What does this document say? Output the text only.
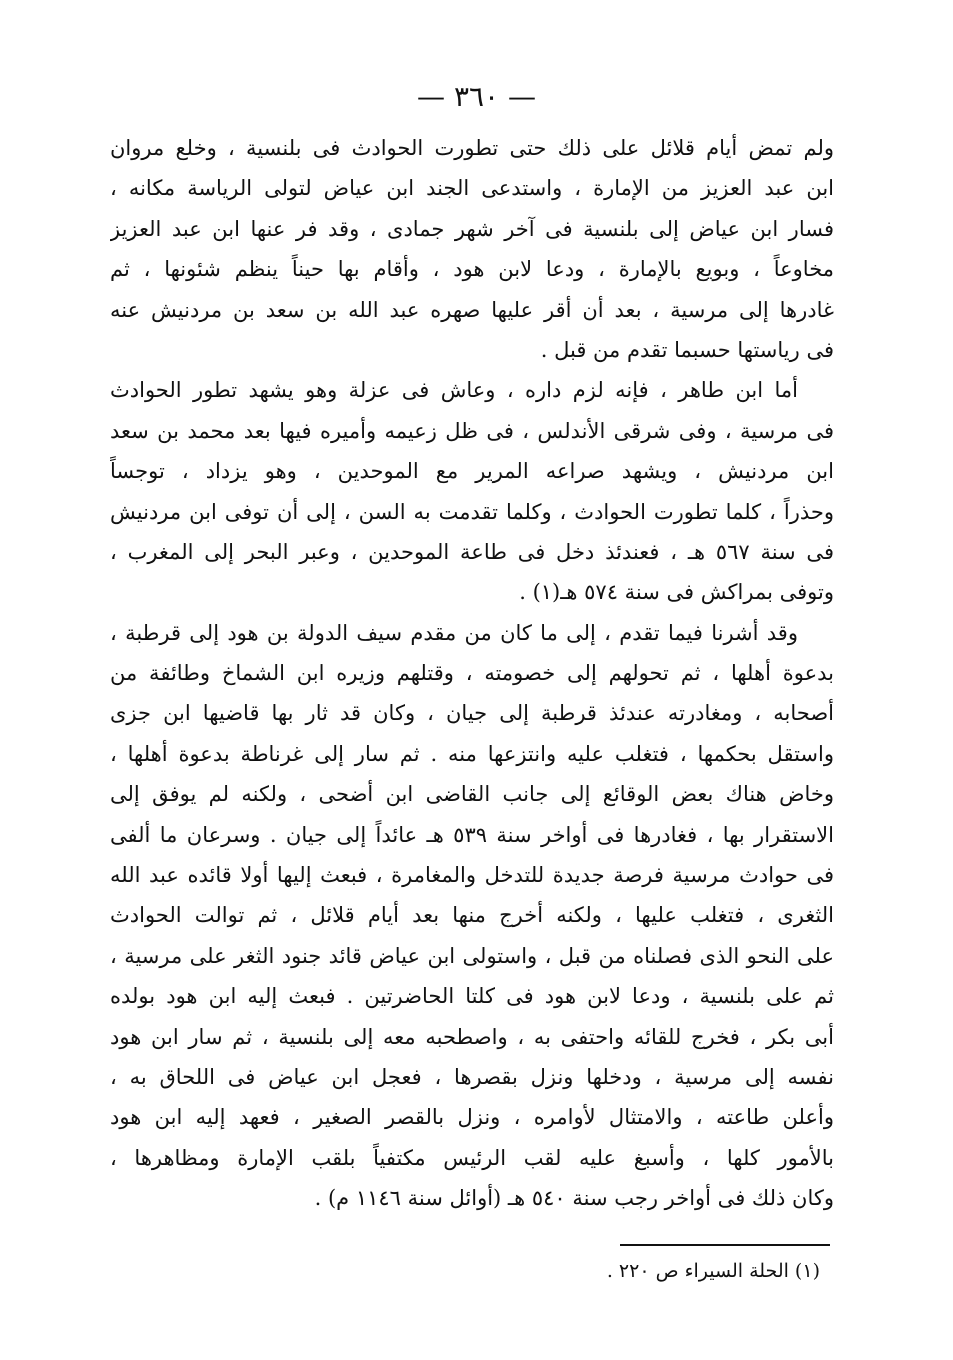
— ٣٦٠ —
ولم تمض أيام قلائل على ذلك حتى تطورت الحوادث فى بلنسية ، وخلع مروان
ابن عبد العزيز من الإمارة ، واستدعى الجند ابن عياض لتولى الرياسة مكانه ،
فسار ابن عياض إلى بلنسية فى آخر شهر جمادى ، وقد فر عنها ابن عبد العزيز
مخاوعاً ، وبويع بالإمارة ، ودعا لابن هود ، وأقام بها حيناً ينظم شئونها ، ثم
غادرها إلى مرسية ، بعد أن أقر عليها صهره عبد الله بن سعد بن مردنيش عنه
فى رياستها حسبما تقدم من قبل .
أما ابن طاهر ، فإنه لزم داره ، وعاش فى عزلة وهو يشهد تطور الحوادث
فى مرسية ، وفى شرقى الأندلس ، فى ظل زعيمه وأميره فيها بعد محمد بن سعد
ابن مردنيش ، ويشهد صراعه المرير مع الموحدين ، وهو يزداد ، توجساً
وحذراً ، كلما تطورت الحوادث ، وكلما تقدمت به السن ، إلى أن توفى ابن مردنيش
فى سنة ٥٦٧ هـ ، فعندئذ دخل فى طاعة الموحدين ، وعبر البحر إلى المغرب ،
وتوفى بمراكش فى سنة ٥٧٤ هـ(١) .
وقد أشرنا فيما تقدم ، إلى ما كان من مقدم سيف الدولة بن هود إلى قرطبة ،
بدعوة أهلها ، ثم تحولهم إلى خصومته ، وقتلهم وزيره ابن الشماخ وطائفة من
أصحابه ، ومغادرته عندئذ قرطبة إلى جيان ، وكان قد ثار بها قاضيها ابن جزى
واستقل بحكمها ، فتغلب عليه وانتزعها منه . ثم سار إلى غرناطة بدعوة أهلها ،
وخاض هناك بعض الوقائع إلى جانب القاضى ابن أضحى ، ولكنه لم يوفق إلى
الاستقرار بها ، فغادرها فى أواخر سنة ٥٣٩ هـ عائداً إلى جيان . وسرعان ما ألفى
فى حوادث مرسية فرصة جديدة للتدخل والمغامرة ، فبعث إليها أولا قائده عبد الله
الثغرى ، فتغلب عليها ، ولكنه أخرج منها بعد أيام قلائل ، ثم توالت الحوادث
على النحو الذى فصلناه من قبل ، واستولى ابن عياض قائد جنود الثغر على مرسية ،
ثم على بلنسية ، ودعا لابن هود فى كلتا الحاضرتين . فبعث إليه ابن هود بولده
أبى بكر ، فخرج للقائه واحتفى به ، واصطحبه معه إلى بلنسية ، ثم سار ابن هود
نفسه إلى مرسية ، ودخلها ونزل بقصرها ، فعجل ابن عياض فى اللحاق به ،
وأعلن طاعته ، والامتثال لأوامره ، ونزل بالقصر الصغير ، فعهد إليه ابن هود
بالأمور كلها ، وأسبغ عليه لقب الرئيس مكتفياً بلقب الإمارة ومظاهرها ،
وكان ذلك فى أواخر رجب سنة ٥٤٠ هـ (أوائل سنة ١١٤٦ م) .
(١) الحلة السيراء ص ٢٢٠ .
